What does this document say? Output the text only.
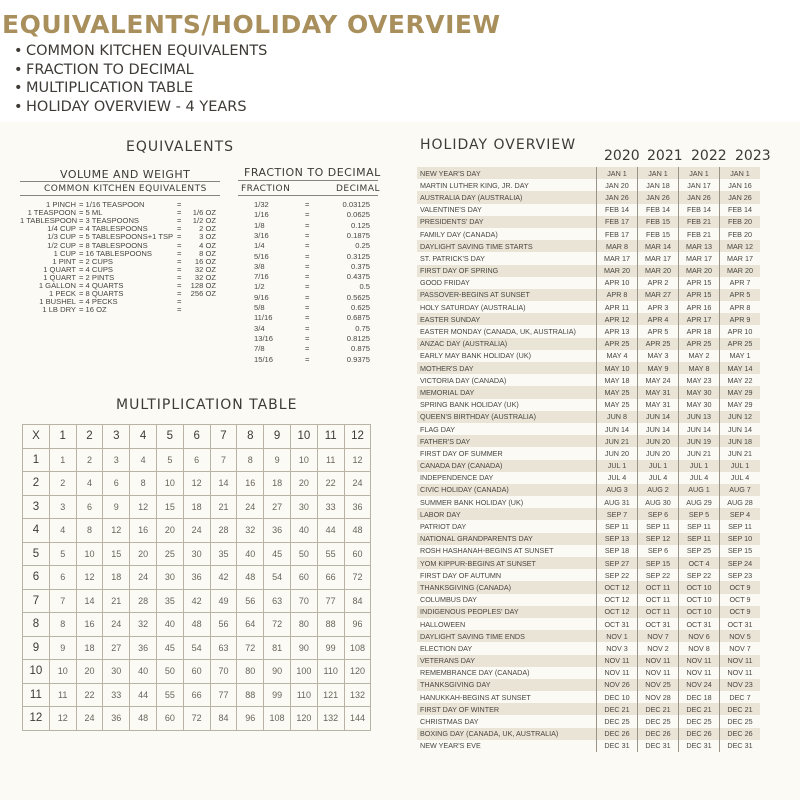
EQUIVALENTS/HOLIDAY OVERVIEW
• COMMON KITCHEN EQUIVALENTS
• FRACTION TO DECIMAL
• MULTIPLICATION TABLE
• HOLIDAY OVERVIEW - 4 YEARS
EQUIVALENTS
VOLUME AND WEIGHT
COMMON KITCHEN EQUIVALENTS
1 PINCH = 1/16 TEASPOON	=
1 TEASPOON = 5 ML	=	1/6 OZ
1 TABLESPOON = 3 TEASPOONS	=	1/2 OZ
1/4 CUP = 4 TABLESPOONS	=	2 OZ
1/3 CUP = 5 TABLESPOONS+1 TSP =	3 OZ
1/2 CUP = 8 TABLESPOONS	=	4 OZ
1 CUP = 16 TABLESPOONS	=	8 OZ
1 PINT = 2 CUPS	=	16 OZ
1 QUART = 4 CUPS	=	32 OZ
1 QUART = 2 PINTS	=	32 OZ
1 GALLON = 4 QUARTS	=	128 OZ
1 PECK = 8 QUARTS	=	256 OZ
1 BUSHEL = 4 PECKS	=
1 LB DRY = 16 OZ	=
FRACTION TO DECIMAL
FRACTION	DECIMAL
1/32	=	0.03125
1/16	=	0.0625
1/8	=	0.125
3/16	=	0.1875
1/4	=	0.25
5/16	=	0.3125
3/8	=	0.375
7/16	=	0.4375
1/2	=	0.5
9/16	=	0.5625
5/8	=	0.625
11/16	=	0.6875
3/4	=	0.75
13/16	=	0.8125
7/8	=	0.875
15/16	=	0.9375
MULTIPLICATION TABLE
X	1	2	3	4	5	6	7	8	9	10	11	12
1	1	2	3	4	5	6	7	8	9	10	11	12
2	2	4	6	8	10	12	14	16	18	20	22	24
3	3	6	9	12	15	18	21	24	27	30	33	36
4	4	8	12	16	20	24	28	32	36	40	44	48
5	5	10	15	20	25	30	35	40	45	50	55	60
6	6	12	18	24	30	36	42	48	54	60	66	72
7	7	14	21	28	35	42	49	56	63	70	77	84
8	8	16	24	32	40	48	56	64	72	80	88	96
9	9	18	27	36	45	54	63	72	81	90	99	108
10	10	20	30	40	50	60	70	80	90	100	110	120
11	11	22	33	44	55	66	77	88	99	110	121	132
12	12	24	36	48	60	72	84	96	108	120	132	144
HOLIDAY OVERVIEW
2020 2021 2022 2023
NEW YEAR'S DAY	JAN 1	JAN 1	JAN 1	JAN 1
MARTIN LUTHER KING, JR. DAY	JAN 20	JAN 18	JAN 17	JAN 16
AUSTRALIA DAY (AUSTRALIA)	JAN 26	JAN 26	JAN 26	JAN 26
VALENTINE'S DAY	FEB 14	FEB 14	FEB 14	FEB 14
PRESIDENTS' DAY	FEB 17	FEB 15	FEB 21	FEB 20
FAMILY DAY (CANADA)	FEB 17	FEB 15	FEB 21	FEB 20
DAYLIGHT SAVING TIME STARTS	MAR 8	MAR 14	MAR 13	MAR 12
ST. PATRICK'S DAY	MAR 17	MAR 17	MAR 17	MAR 17
FIRST DAY OF SPRING	MAR 20	MAR 20	MAR 20	MAR 20
GOOD FRIDAY	APR 10	APR 2	APR 15	APR 7
PASSOVER-BEGINS AT SUNSET	APR 8	MAR 27	APR 15	APR 5
HOLY SATURDAY (AUSTRALIA)	APR 11	APR 3	APR 16	APR 8
EASTER SUNDAY	APR 12	APR 4	APR 17	APR 9
EASTER MONDAY (CANADA, UK, AUSTRALIA)	APR 13	APR 5	APR 18	APR 10
ANZAC DAY (AUSTRALIA)	APR 25	APR 25	APR 25	APR 25
EARLY MAY BANK HOLIDAY (UK)	MAY 4	MAY 3	MAY 2	MAY 1
MOTHER'S DAY	MAY 10	MAY 9	MAY 8	MAY 14
VICTORIA DAY (CANADA)	MAY 18	MAY 24	MAY 23	MAY 22
MEMORIAL DAY	MAY 25	MAY 31	MAY 30	MAY 29
SPRING BANK HOLIDAY (UK)	MAY 25	MAY 31	MAY 30	MAY 29
QUEEN'S BIRTHDAY (AUSTRALIA)	JUN 8	JUN 14	JUN 13	JUN 12
FLAG DAY	JUN 14	JUN 14	JUN 14	JUN 14
FATHER'S DAY	JUN 21	JUN 20	JUN 19	JUN 18
FIRST DAY OF SUMMER	JUN 20	JUN 20	JUN 21	JUN 21
CANADA DAY (CANADA)	JUL 1	JUL 1	JUL 1	JUL 1
INDEPENDENCE DAY	JUL 4	JUL 4	JUL 4	JUL 4
CIVIC HOLIDAY (CANADA)	AUG 3	AUG 2	AUG 1	AUG 7
SUMMER BANK HOLIDAY (UK)	AUG 31	AUG 30	AUG 29	AUG 28
LABOR DAY	SEP 7	SEP 6	SEP 5	SEP 4
PATRIOT DAY	SEP 11	SEP 11	SEP 11	SEP 11
NATIONAL GRANDPARENTS DAY	SEP 13	SEP 12	SEP 11	SEP 10
ROSH HASHANAH-BEGINS AT SUNSET	SEP 18	SEP 6	SEP 25	SEP 15
YOM KIPPUR-BEGINS AT SUNSET	SEP 27	SEP 15	OCT 4	SEP 24
FIRST DAY OF AUTUMN	SEP 22	SEP 22	SEP 22	SEP 23
THANKSGIVING (CANADA)	OCT 12	OCT 11	OCT 10	OCT 9
COLUMBUS DAY	OCT 12	OCT 11	OCT 10	OCT 9
INDIGENOUS PEOPLES' DAY	OCT 12	OCT 11	OCT 10	OCT 9
HALLOWEEN	OCT 31	OCT 31	OCT 31	OCT 31
DAYLIGHT SAVING TIME ENDS	NOV 1	NOV 7	NOV 6	NOV 5
ELECTION DAY	NOV 3	NOV 2	NOV 8	NOV 7
VETERANS DAY	NOV 11	NOV 11	NOV 11	NOV 11
REMEMBRANCE DAY (CANADA)	NOV 11	NOV 11	NOV 11	NOV 11
THANKSGIVING DAY	NOV 26	NOV 25	NOV 24	NOV 23
HANUKKAH-BEGINS AT SUNSET	DEC 10	NOV 28	DEC 18	DEC 7
FIRST DAY OF WINTER	DEC 21	DEC 21	DEC 21	DEC 21
CHRISTMAS DAY	DEC 25	DEC 25	DEC 25	DEC 25
BOXING DAY (CANADA, UK, AUSTRALIA)	DEC 26	DEC 26	DEC 26	DEC 26
NEW YEAR'S EVE	DEC 31	DEC 31	DEC 31	DEC 31
